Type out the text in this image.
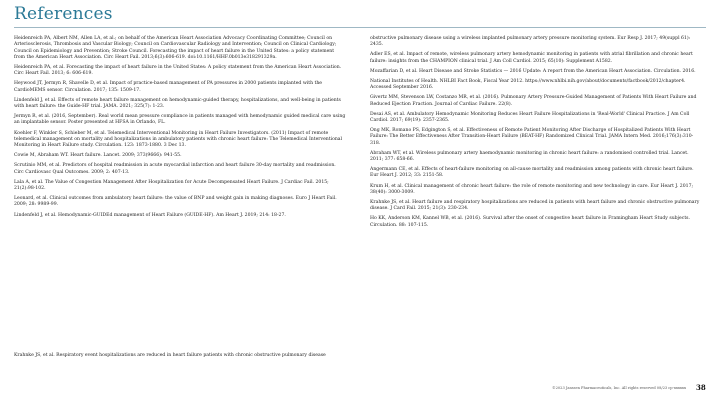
References
Heidenreich PA, Albert NM, Allen LA, et al.; on behalf of the American Heart Association Advocacy Coordinating Committee; Council on Arteriosclerosis, Thrombosis and Vascular Biology; Council on Cardiovascular Radiology and Intervention; Council on Clinical Cardiology; Council on Epidemiology and Prevention; Stroke Council. Forecasting the impact of heart failure in the United States: a policy statement from the American Heart Association. Circ Heart Fail. 2013;6(3):606-619. doi:10.1161/HHF.0b013e318291329a.
Heidenreich PA, et al. Forecasting the impact of heart failure in the United States: A policy statement from the American Heart Association. Circ Heart Fail. 2013; 6: 606-619.
Heywood JT, Jermyn R, Shavelle D, et al. Impact of practice-based management of PA pressures in 2000 patients implanted with the CardioMEMS sensor. Circulation. 2017; 135: 1509-17.
Lindenfeld J, et al. Effects of remote heart failure management on hemodynamic-guided therapy, hospitalizations, and well-being in patients with heart failure: the Guide-HF trial. JAMA. 2021; 325(7): 1-23.
Jermyn R, et al. (2016, September). Real world mean pressure compliance in patients managed with hemodynamic guided medical care using an implantable sensor. Poster presented at HFSA in Orlando, FL.
Koehler F, Winkler S, Schieber M, et al. Telemedical Interventional Monitoring in Heart Failure Investigators. (2011) Impact of remote telemedical management on mortality and hospitalizations in ambulatory patients with chronic heart failure: The Telemedical Interventional Monitoring in Heart Failure study. Circulation. 123: 1873-1880. 3 Dec 13.
Cowie M, Abraham WT. Heart failure. Lancet. 2009; 373(9666): 941-55.
Scrutinio MM, et al. Predictors of hospital readmission in acute myocardial infarction and heart failure 30-day mortality and readmission. Circ Cardiovasc Qual Outcomes. 2009; 2: 407-13.
Lala A, et al. The Value of Congestion Management After Hospitalization for Acute Decompensated Heart Failure. J Cardiac Fail. 2015; 21(2):98-102.
Leonard, et al. Clinical outcomes from ambulatory heart failure: the value of BNP and weight gain in making diagnoses. Euro J Heart Fail. 2009; 28: 9989-99.
Lindenfeld J, et al. Hemodynamic-GUIDEd management of Heart Failure (GUIDE-HF). Am Heart J. 2019; 214: 18-27.
obstructive pulmonary disease using a wireless implanted pulmonary artery pressure monitoring system. Eur Resp J. 2017; 49(suppl 61): 2435.
Adler ES, et al. Impact of remote, wireless pulmonary artery hemodynamic monitoring in patients with atrial fibrillation and chronic heart failure: insights from the CHAMPION clinical trial. J Am Coll Cardiol. 2015; 65(10): Supplement A1582.
Mozaffarian D, et al. Heart Disease and Stroke Statistics — 2016 Update: A report from the American Heart Association. Circulation. 2016.
National Institutes of Health. NHLBI Fact Book, Fiscal Year 2012. https://www.nhlbi.nih.gov/about/documents/factbook/2012/chapter4. Accessed September 2016.
Givertz MM, Stevenson LW, Costanzo MR, et al. (2016). Pulmonary Artery Pressure-Guided Management of Patients With Heart Failure and Reduced Ejection Fraction. Journal of Cardiac Failure. 22(8).
Desai AS, et al. Ambulatory Hemodynamic Monitoring Reduces Heart Failure Hospitalizations in 'Real-World' Clinical Practice. J Am Coll Cardiol. 2017; 69(19): 2357-2365.
Ong MK, Romano PS, Edgington S, et al. Effectiveness of Remote Patient Monitoring After Discharge of Hospitalized Patients With Heart Failure: The Better Effectiveness After Transition-Heart Failure (BEAT-HF) Randomized Clinical Trial. JAMA Intern Med. 2016;176(3):310-318.
Abraham WT, et al. Wireless pulmonary artery haemodynamic monitoring in chronic heart failure: a randomised controlled trial. Lancet. 2011; 377: 658-66.
Angermann CE, et al. Effects of heart-failure monitoring on all-cause mortality and readmission among patients with chronic heart failure. Eur Heart J. 2012; 33: 2151-58.
Krum H, et al. Clinical management of chronic heart failure: the role of remote monitoring and new technology in care. Eur Heart J. 2017; 38(40): 3000-3009.
Krahnke JS, et al. Heart failure and respiratory hospitalizations are reduced in patients with heart failure and chronic obstructive pulmonary disease. J Card Fail. 2015; 21(3): 230-234.
Ho KK, Anderson KM, Kannel WB, et al. (2016). Survival after the onset of congestive heart failure in Framingham Heart Study subjects. Circulation. 88: 107-115.
Krahnke JS, et al. Respiratory event hospitalizations are reduced in heart failure patients with chronic obstructive pulmonary disease
©2023 Janssen Pharmaceuticals, Inc. All rights reserved 08/23 cp-xxxxxx 38
